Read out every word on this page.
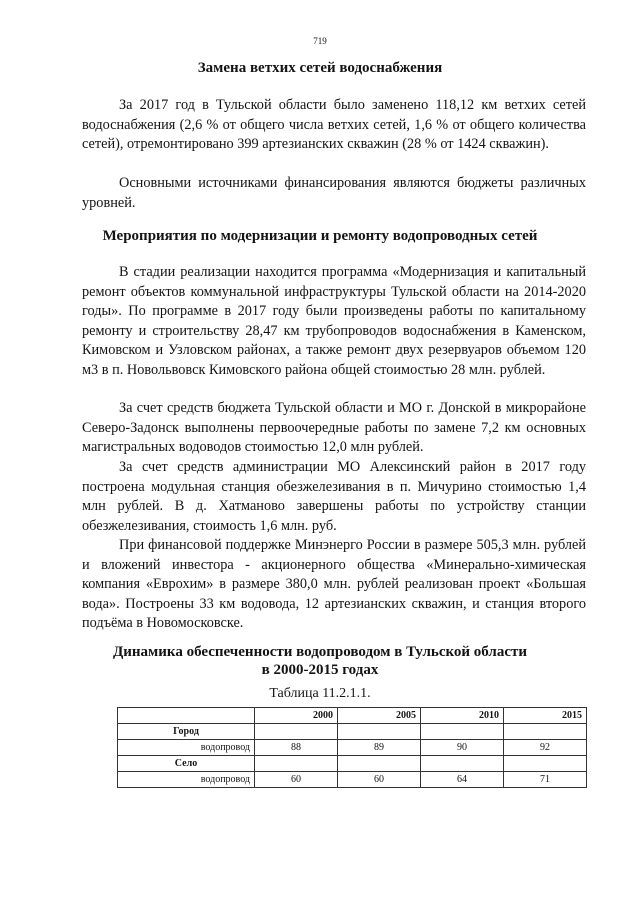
719
Замена ветхих сетей водоснабжения

За 2017 год в Тульской области было заменено 118,12 км ветхих сетей водоснабжения (2,6 % от общего числа ветхих сетей, 1,6 % от общего количества сетей), отремонтировано 399 артезианских скважин (28 % от 1424 скважин).

Основными источниками финансирования являются бюджеты различных уровней.

Мероприятия по модернизации и ремонту водопроводных сетей

В стадии реализации находится программа «Модернизация и капитальный ремонт объектов коммунальной инфраструктуры Тульской области на 2014-2020 годы». По программе в 2017 году были произведены работы по капитальному ремонту и строительству 28,47 км трубопроводов водоснабжения в Каменском, Кимовском и Узловском районах, а также ремонт двух резервуаров объемом 120 м3 в п. Новольвовск Кимовского района общей стоимостью 28 млн. рублей.

За счет средств бюджета Тульской области и МО г. Донской в микрорайоне Северо-Задонск выполнены первоочередные работы по замене 7,2 км основных магистральных водоводов стоимостью 12,0 млн рублей.

За счет средств администрации МО Алексинский район в 2017 году построена модульная станция обезжелезивания в п. Мичурино стоимостью 1,4 млн рублей. В д. Хатманово завершены работы по устройству станции обезжелезивания, стоимость 1,6 млн. руб.

При финансовой поддержке Минэнерго России в размере 505,3 млн. рублей и вложений инвестора - акционерного общества «Минерально-химическая компания «Еврохим» в размере 380,0 млн. рублей реализован проект «Большая вода». Построены 33 км водовода, 12 артезианских скважин, и станция второго подъёма в Новомосковске.

Динамика обеспеченности водопроводом в Тульской области
в 2000-2015 годах
Таблица 11.2.1.1.
	2000	2005	2010	2015
Город				
водопровод	88	89	90	92
Село				
водопровод	60	60	64	71
